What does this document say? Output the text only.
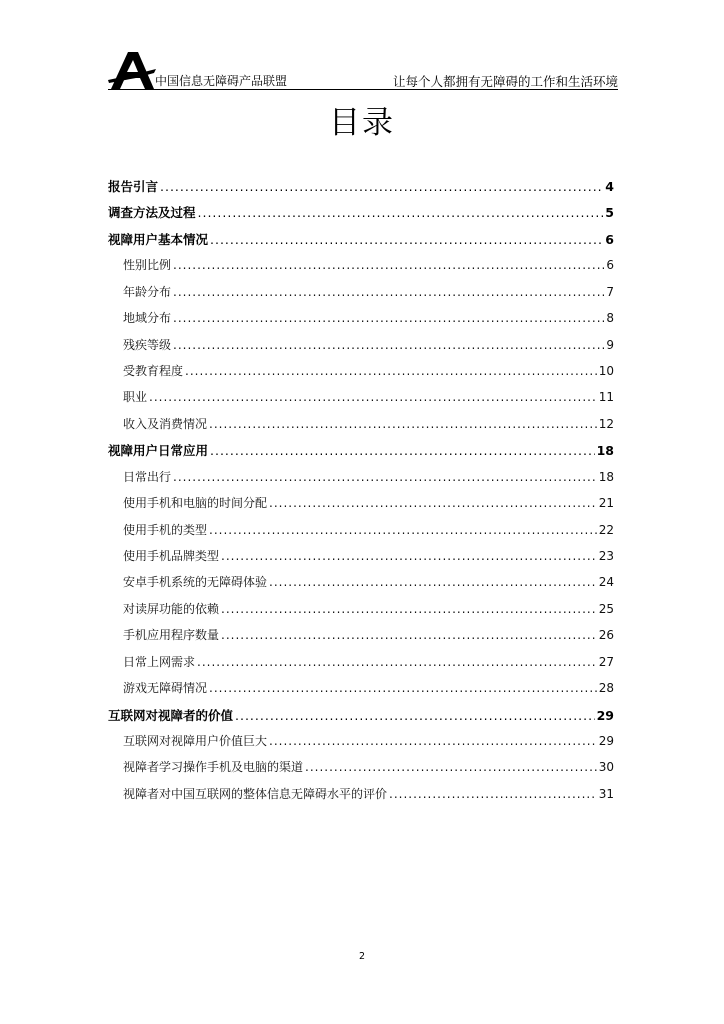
中国信息无障碍产品联盟	让每个人都拥有无障碍的工作和生活环境
目录
报告引言 .....	4
调查方法及过程 .....	5
视障用户基本情况 .....	6
性别比例 .....	6
年龄分布 .....	7
地域分布 .....	8
残疾等级 .....	9
受教育程度 .....	10
职业 .....	11
收入及消费情况 .....	12
视障用户日常应用 .....	18
日常出行 .....	18
使用手机和电脑的时间分配 .....	21
使用手机的类型 .....	22
使用手机品牌类型 .....	23
安卓手机系统的无障碍体验 .....	24
对读屏功能的依赖 .....	25
手机应用程序数量 .....	26
日常上网需求 .....	27
游戏无障碍情况 .....	28
互联网对视障者的价值 .....	29
互联网对视障用户价值巨大 .....	29
视障者学习操作手机及电脑的渠道 .....	30
视障者对中国互联网的整体信息无障碍水平的评价 .....	31
2
